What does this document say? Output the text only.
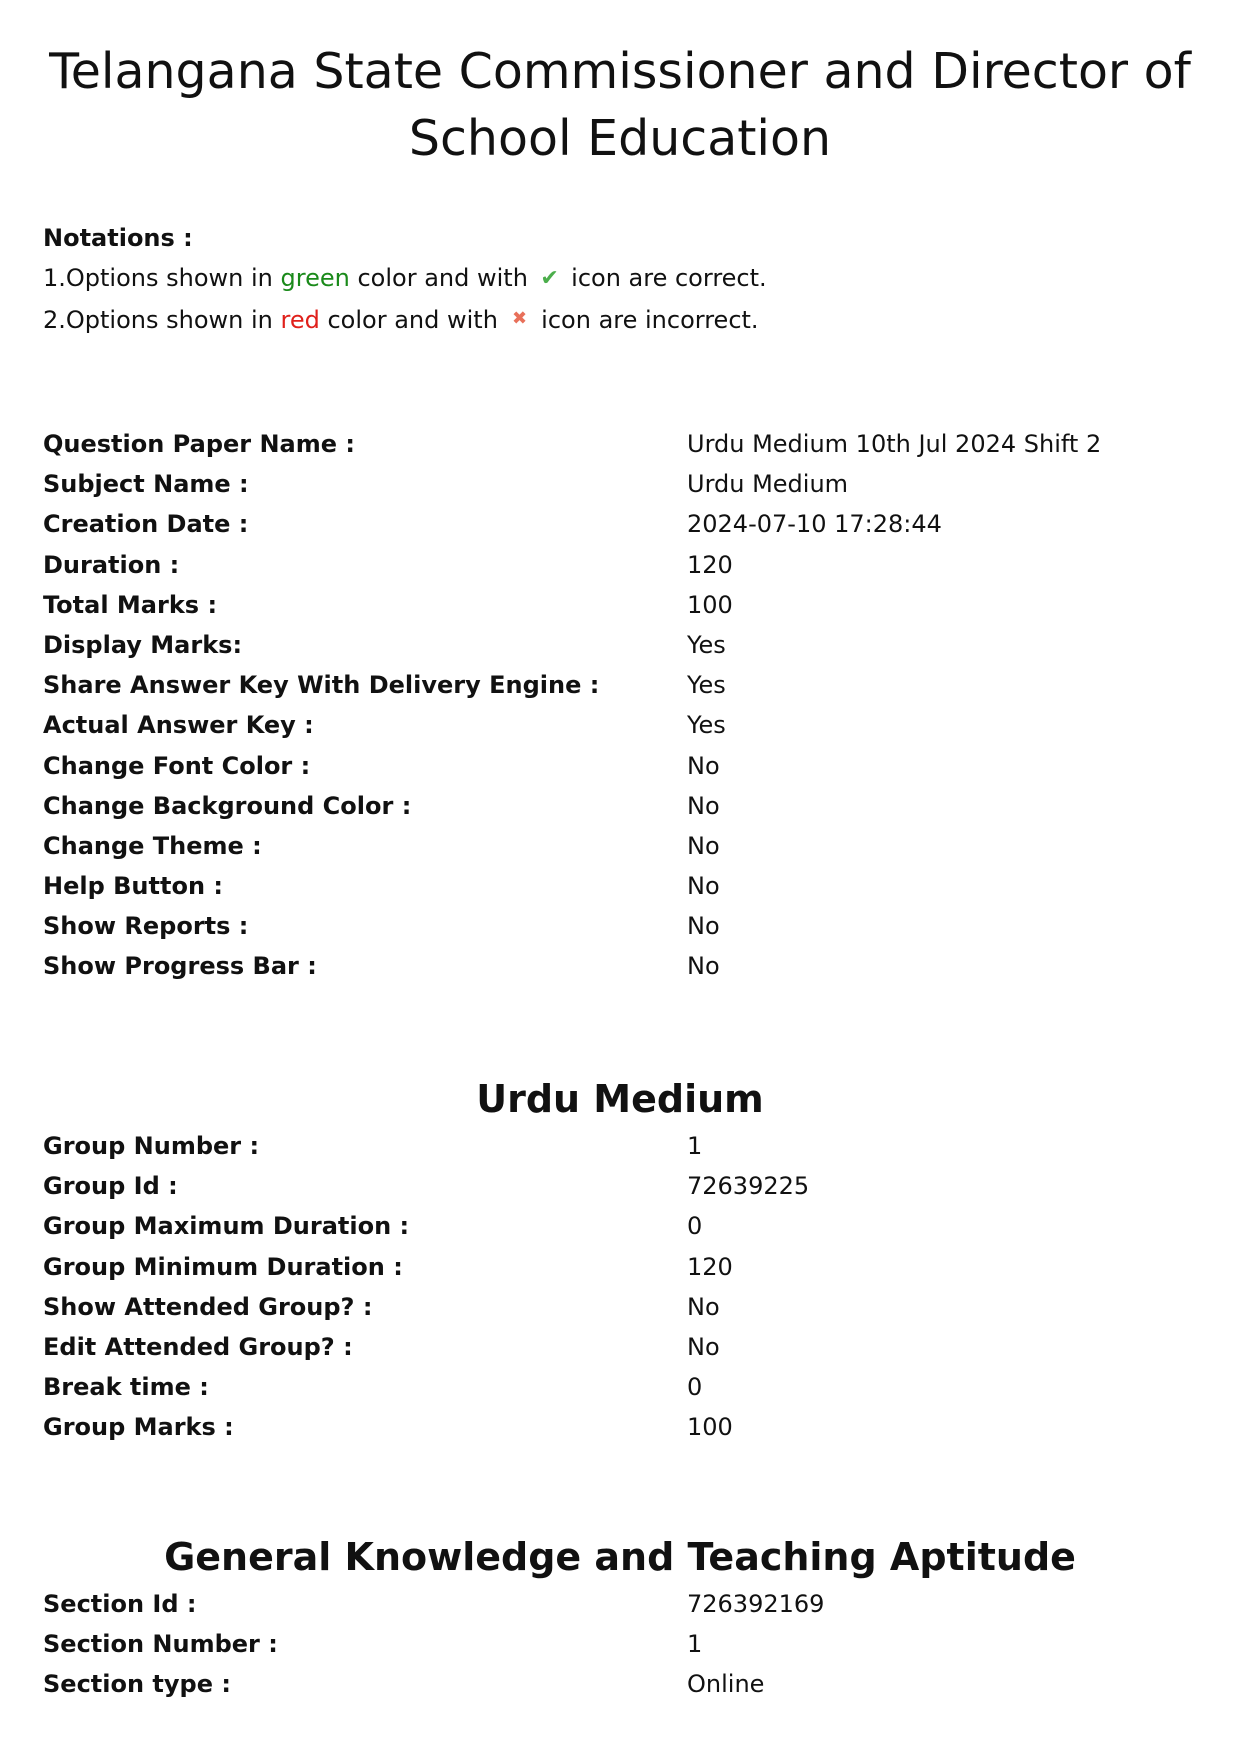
Telangana State Commissioner and Director of School Education
Notations :
1.Options shown in green color and with ✔ icon are correct.
2.Options shown in red color and with ✖ icon are incorrect.
Question Paper Name :	Urdu Medium 10th Jul 2024 Shift 2
Subject Name :	Urdu Medium
Creation Date :	2024-07-10 17:28:44
Duration :	120
Total Marks :	100
Display Marks:	Yes
Share Answer Key With Delivery Engine :	Yes
Actual Answer Key :	Yes
Change Font Color :	No
Change Background Color :	No
Change Theme :	No
Help Button :	No
Show Reports :	No
Show Progress Bar :	No
Urdu Medium
Group Number :	1
Group Id :	72639225
Group Maximum Duration :	0
Group Minimum Duration :	120
Show Attended Group? :	No
Edit Attended Group? :	No
Break time :	0
Group Marks :	100
General Knowledge and Teaching Aptitude
Section Id :	726392169
Section Number :	1
Section type :	Online
